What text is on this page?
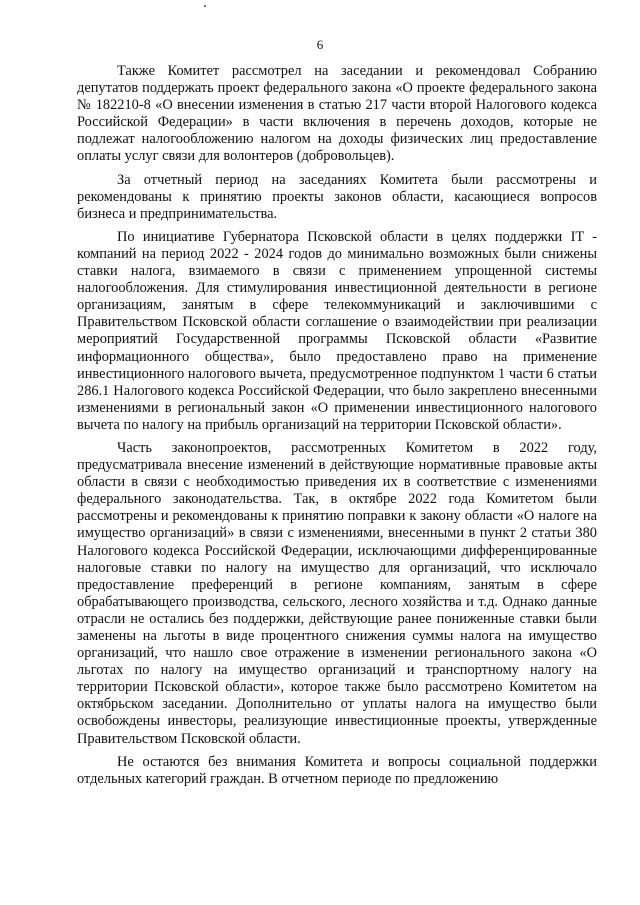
6

Также Комитет рассмотрел на заседании и рекомендовал Собранию депутатов поддержать проект федерального закона «О проекте федерального закона № 182210-8 «О внесении изменения в статью 217 части второй Налогового кодекса Российской Федерации» в части включения в перечень доходов, которые не подлежат налогообложению налогом на доходы физических лиц предоставление оплаты услуг связи для волонтеров (добровольцев).

За отчетный период на заседаниях Комитета были рассмотрены и рекомендованы к принятию проекты законов области, касающиеся вопросов бизнеса и предпринимательства.

По инициативе Губернатора Псковской области в целях поддержки IT - компаний на период 2022 - 2024 годов до минимально возможных были снижены ставки налога, взимаемого в связи с применением упрощенной системы налогообложения. Для стимулирования инвестиционной деятельности в регионе организациям, занятым в сфере телекоммуникаций и заключившими с Правительством Псковской области соглашение о взаимодействии при реализации мероприятий Государственной программы Псковской области «Развитие информационного общества», было предоставлено право на применение инвестиционного налогового вычета, предусмотренное подпунктом 1 части 6 статьи 286.1 Налогового кодекса Российской Федерации, что было закреплено внесенными изменениями в региональный закон «О применении инвестиционного налогового вычета по налогу на прибыль организаций на территории Псковской области».

Часть законопроектов, рассмотренных Комитетом в 2022 году, предусматривала внесение изменений в действующие нормативные правовые акты области в связи с необходимостью приведения их в соответствие с изменениями федерального законодательства. Так, в октябре 2022 года Комитетом были рассмотрены и рекомендованы к принятию поправки к закону области «О налоге на имущество организаций» в связи с изменениями, внесенными в пункт 2 статьи 380 Налогового кодекса Российской Федерации, исключающими дифференцированные налоговые ставки по налогу на имущество для организаций, что исключало предоставление преференций в регионе компаниям, занятым в сфере обрабатывающего производства, сельского, лесного хозяйства и т.д. Однако данные отрасли не остались без поддержки, действующие ранее пониженные ставки были заменены на льготы в виде процентного снижения суммы налога на имущество организаций, что нашло свое отражение в изменении регионального закона «О льготах по налогу на имущество организаций и транспортному налогу на территории Псковской области», которое также было рассмотрено Комитетом на октябрьском заседании. Дополнительно от уплаты налога на имущество были освобождены инвесторы, реализующие инвестиционные проекты, утвержденные Правительством Псковской области.

Не остаются без внимания Комитета и вопросы социальной поддержки отдельных категорий граждан. В отчетном периоде по предложению
